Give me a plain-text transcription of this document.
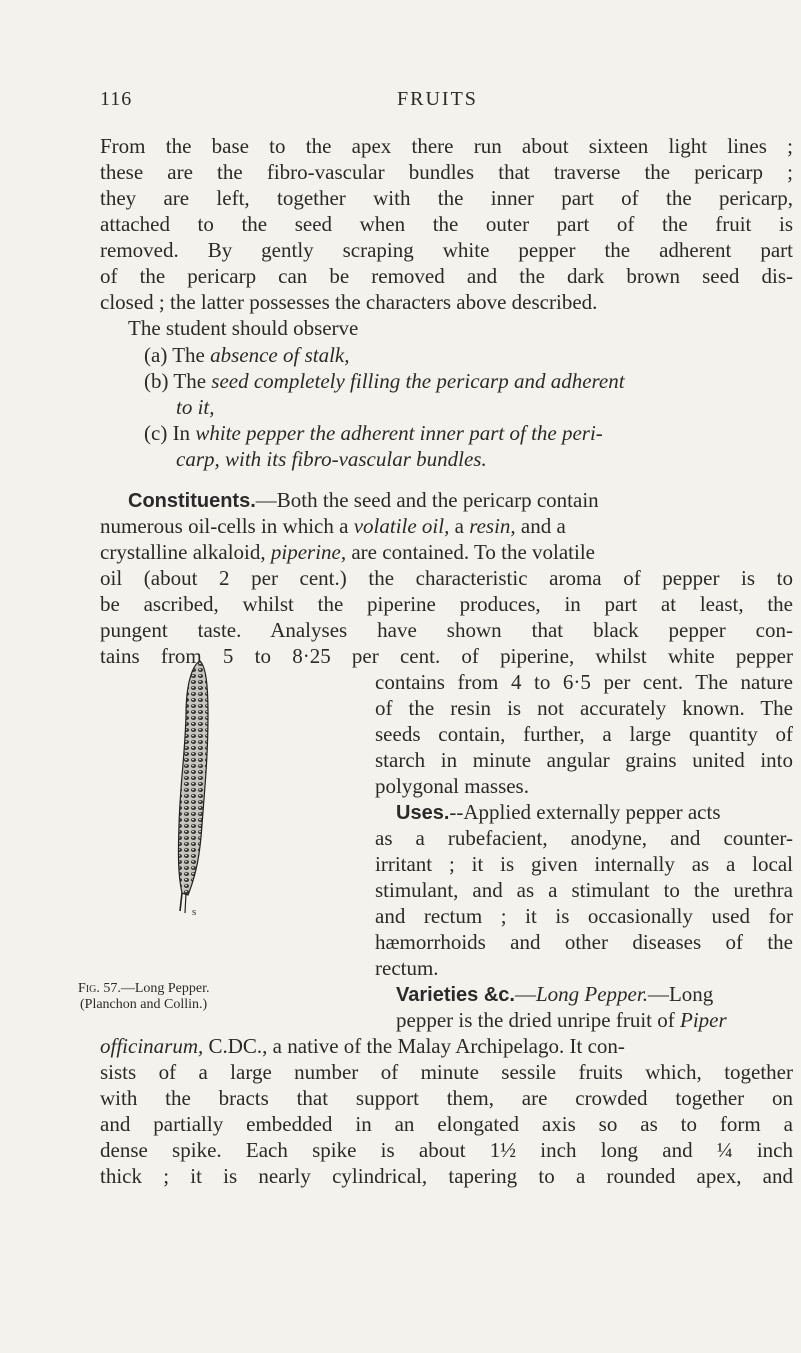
116	FRUITS
From the base to the apex there run about sixteen light lines ;
these are the fibro-vascular bundles that traverse the pericarp ;
they are left, together with the inner part of the pericarp,
attached to the seed when the outer part of the fruit is
removed. By gently scraping white pepper the adherent part
of the pericarp can be removed and the dark brown seed dis-
closed ; the latter possesses the characters above described.
The student should observe
(a) The absence of stalk,
(b) The seed completely filling the pericarp and adherent
to it,
(c) In white pepper the adherent inner part of the peri-
carp, with its fibro-vascular bundles.
Constituents.—Both the seed and the pericarp contain
numerous oil-cells in which a volatile oil, a resin, and a
crystalline alkaloid, piperine, are contained. To the volatile
oil (about 2 per cent.) the characteristic aroma of pepper is to
be ascribed, whilst the piperine produces, in part at least, the
pungent taste. Analyses have shown that black pepper con-
tains from 5 to 8·25 per cent. of piperine, whilst white pepper
contains from 4 to 6·5 per cent. The nature
of the resin is not accurately known. The
seeds contain, further, a large quantity of
starch in minute angular grains united into
polygonal masses.
Uses.--Applied externally pepper acts
as a rubefacient, anodyne, and counter-
irritant ; it is given internally as a local
stimulant, and as a stimulant to the urethra
and rectum ; it is occasionally used for
hæmorrhoids and other diseases of the
rectum.
s
Fig. 57.—Long Pepper.
(Planchon and Collin.)	Varieties &c.—Long Pepper.—Long
pepper is the dried unripe fruit of Piper
officinarum, C.DC., a native of the Malay Archipelago. It con-
sists of a large number of minute sessile fruits which, together
with the bracts that support them, are crowded together on
and partially embedded in an elongated axis so as to form a
dense spike. Each spike is about 1½ inch long and ¼ inch
thick ; it is nearly cylindrical, tapering to a rounded apex, and
